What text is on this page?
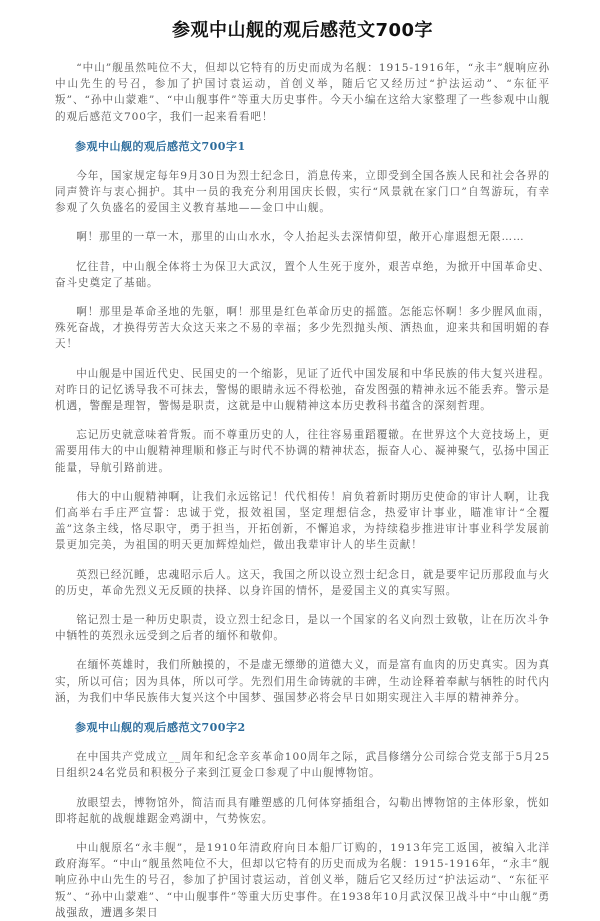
参观中山舰的观后感范文700字

“中山”舰虽然吨位不大，但却以它特有的历史而成为名舰：1915-1916年，“永丰”舰响应孙中山先生的号召，参加了护国讨袁运动，首创义举，随后它又经历过“护法运动”、“东征平叛”、“孙中山蒙难”、“中山舰事件”等重大历史事件。今天小编在这给大家整理了一些参观中山舰的观后感范文700字，我们一起来看看吧！

参观中山舰的观后感范文700字1

今年，国家规定每年9月30日为烈士纪念日，消息传来，立即受到全国各族人民和社会各界的同声赞许与衷心拥护。其中一员的我充分利用国庆长假，实行“风景就在家门口”自驾游玩，有幸参观了久负盛名的爱国主义教育基地——金口中山舰。

啊！那里的一草一木，那里的山山水水，令人抬起头去深情仰望，敞开心扉遐想无限……

忆往昔，中山舰全体将士为保卫大武汉，置个人生死于度外，艰苦卓绝，为掀开中国革命史、奋斗史奠定了基础。

啊！那里是革命圣地的先躯，啊！那里是红色革命历史的摇篮。怎能忘怀啊！多少腥风血雨，殊死奋战，才换得劳苦大众这天来之不易的幸福；多少先烈抛头颅、洒热血，迎来共和国明媚的春天！

中山舰是中国近代史、民国史的一个缩影，见证了近代中国发展和中华民族的伟大复兴进程。对昨日的记忆诱导我不可抹去，警惕的眼睛永远不得松弛，奋发图强的精神永远不能丢弃。警示是机遇，警醒是理智，警惕是职责，这就是中山舰精神这本历史教科书蕴含的深刻哲理。

忘记历史就意味着背叛。而不尊重历史的人，往往容易重蹈覆辙。在世界这个大竞技场上，更需要用伟大的中山舰精神理顺和修正与时代不协调的精神状态，振奋人心、凝神聚气，弘扬中国正能量，导航引路前进。

伟大的中山舰精神啊，让我们永远铭记！代代相传！肩负着新时期历史使命的审计人啊，让我们高举右手庄严宣誓：忠诚于党，报效祖国，坚定理想信念，热爱审计事业，瞄准审计“全覆盖”这条主线，恪尽职守，勇于担当，开拓创新，不懈追求，为持续稳步推进审计事业科学发展前景更加完美，为祖国的明天更加辉煌灿烂，做出我辈审计人的毕生贡献！

英烈已经沉睡，忠魂昭示后人。这天，我国之所以设立烈士纪念日，就是要牢记历那段血与火的历史，革命先烈义无反顾的抉择、以身许国的情怀，是爱国主义的真实写照。

铭记烈士是一种历史职责，设立烈士纪念日，是以一个国家的名义向烈士致敬，让在历次斗争中牺牲的英烈永远受到之后者的缅怀和敬仰。

在缅怀英雄时，我们所触摸的，不是虚无缥缈的道德大义，而是富有血肉的历史真实。因为真实，所以可信；因为具体，所以可学。先烈们用生命铸就的丰碑，生动诠释着奉献与牺牲的时代内涵，为我们中华民族伟大复兴这个中国梦、强国梦必将会早日如期实现注入丰厚的精神养分。

参观中山舰的观后感范文700字2

在中国共产党成立__周年和纪念辛亥革命100周年之际，武昌修缮分公司综合党支部于5月25日组织24名党员和积极分子来到江夏金口参观了中山舰博物馆。

放眼望去，博物馆外，简洁而具有雕塑感的几何体穿插组合，勾勒出博物馆的主体形象，恍如即将起航的战舰雄踞金鸡湖中，气势恢宏。

中山舰原名“永丰舰”，是1910年清政府向日本船厂订购的，1913年完工返国，被编入北洋政府海军。“中山”舰虽然吨位不大，但却以它特有的历史而成为名舰：1915-1916年，“永丰”舰响应孙中山先生的号召，参加了护国讨袁运动，首创义举，随后它又经历过“护法运动”、“东征平叛”、“孙中山蒙难”、“中山舰事件”等重大历史事件。在1938年10月武汉保卫战斗中“中山舰”勇战强敌，遭遇多架日
